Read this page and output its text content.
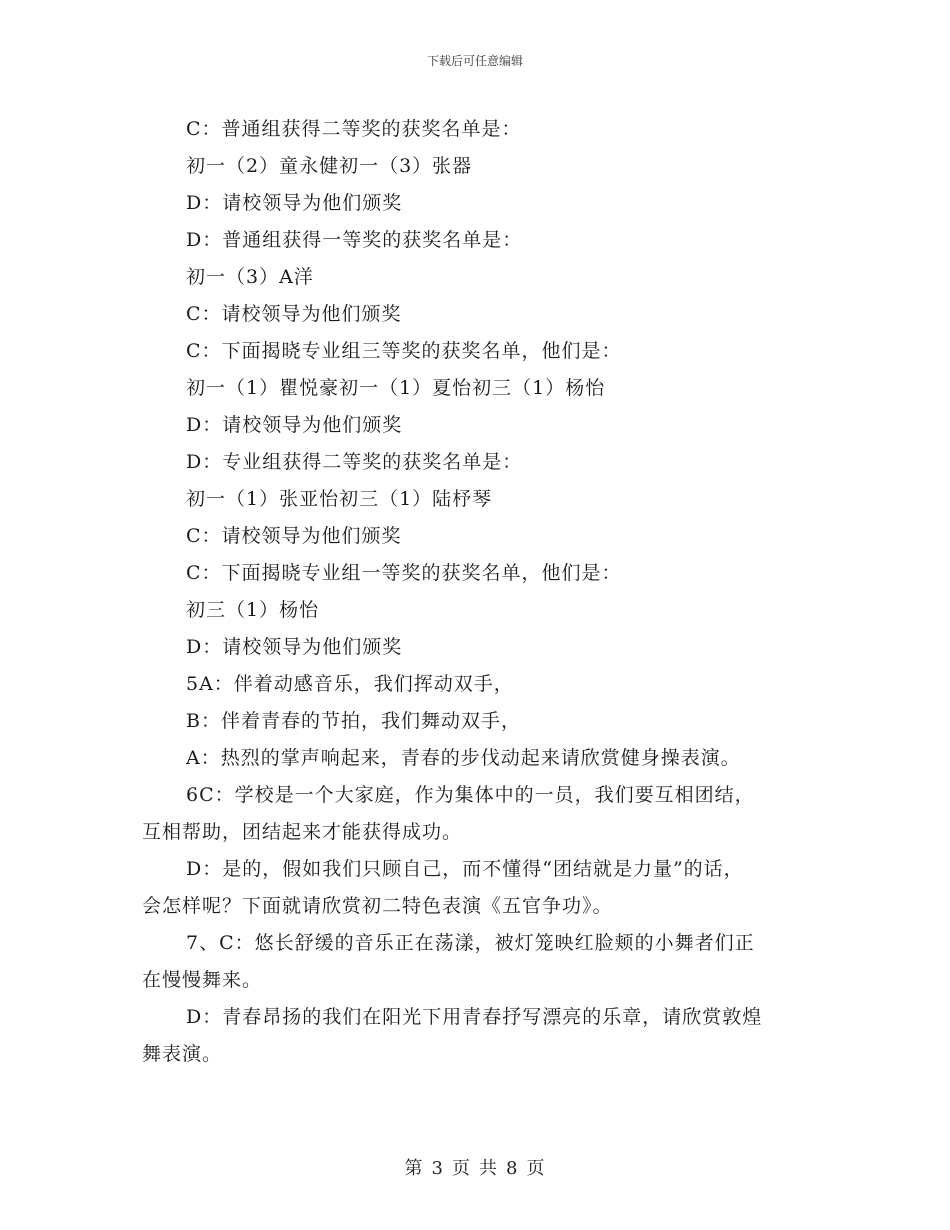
下载后可任意编辑
C：普通组获得二等奖的获奖名单是：
初一（2）童永健初一（3）张器
D：请校领导为他们颁奖
D：普通组获得一等奖的获奖名单是：
初一（3）A洋
C：请校领导为他们颁奖
C：下面揭晓专业组三等奖的获奖名单，他们是：
初一（1）瞿悦豪初一（1）夏怡初三（1）杨怡
D：请校领导为他们颁奖
D：专业组获得二等奖的获奖名单是：
初一（1）张亚怡初三（1）陆杼琴
C：请校领导为他们颁奖
C：下面揭晓专业组一等奖的获奖名单，他们是：
初三（1）杨怡
D：请校领导为他们颁奖
5A：伴着动感音乐，我们挥动双手，
B：伴着青春的节拍，我们舞动双手，
A：热烈的掌声响起来，青春的步伐动起来请欣赏健身操表演。
6C：学校是一个大家庭，作为集体中的一员，我们要互相团结，
互相帮助，团结起来才能获得成功。
D：是的，假如我们只顾自己，而不懂得“团结就是力量”的话，
会怎样呢？下面就请欣赏初二特色表演《五官争功》。
7、C：悠长舒缓的音乐正在荡漾，被灯笼映红脸颊的小舞者们正
在慢慢舞来。
D：青春昂扬的我们在阳光下用青春抒写漂亮的乐章，请欣赏敦煌
舞表演。
第 3 页 共 8 页
